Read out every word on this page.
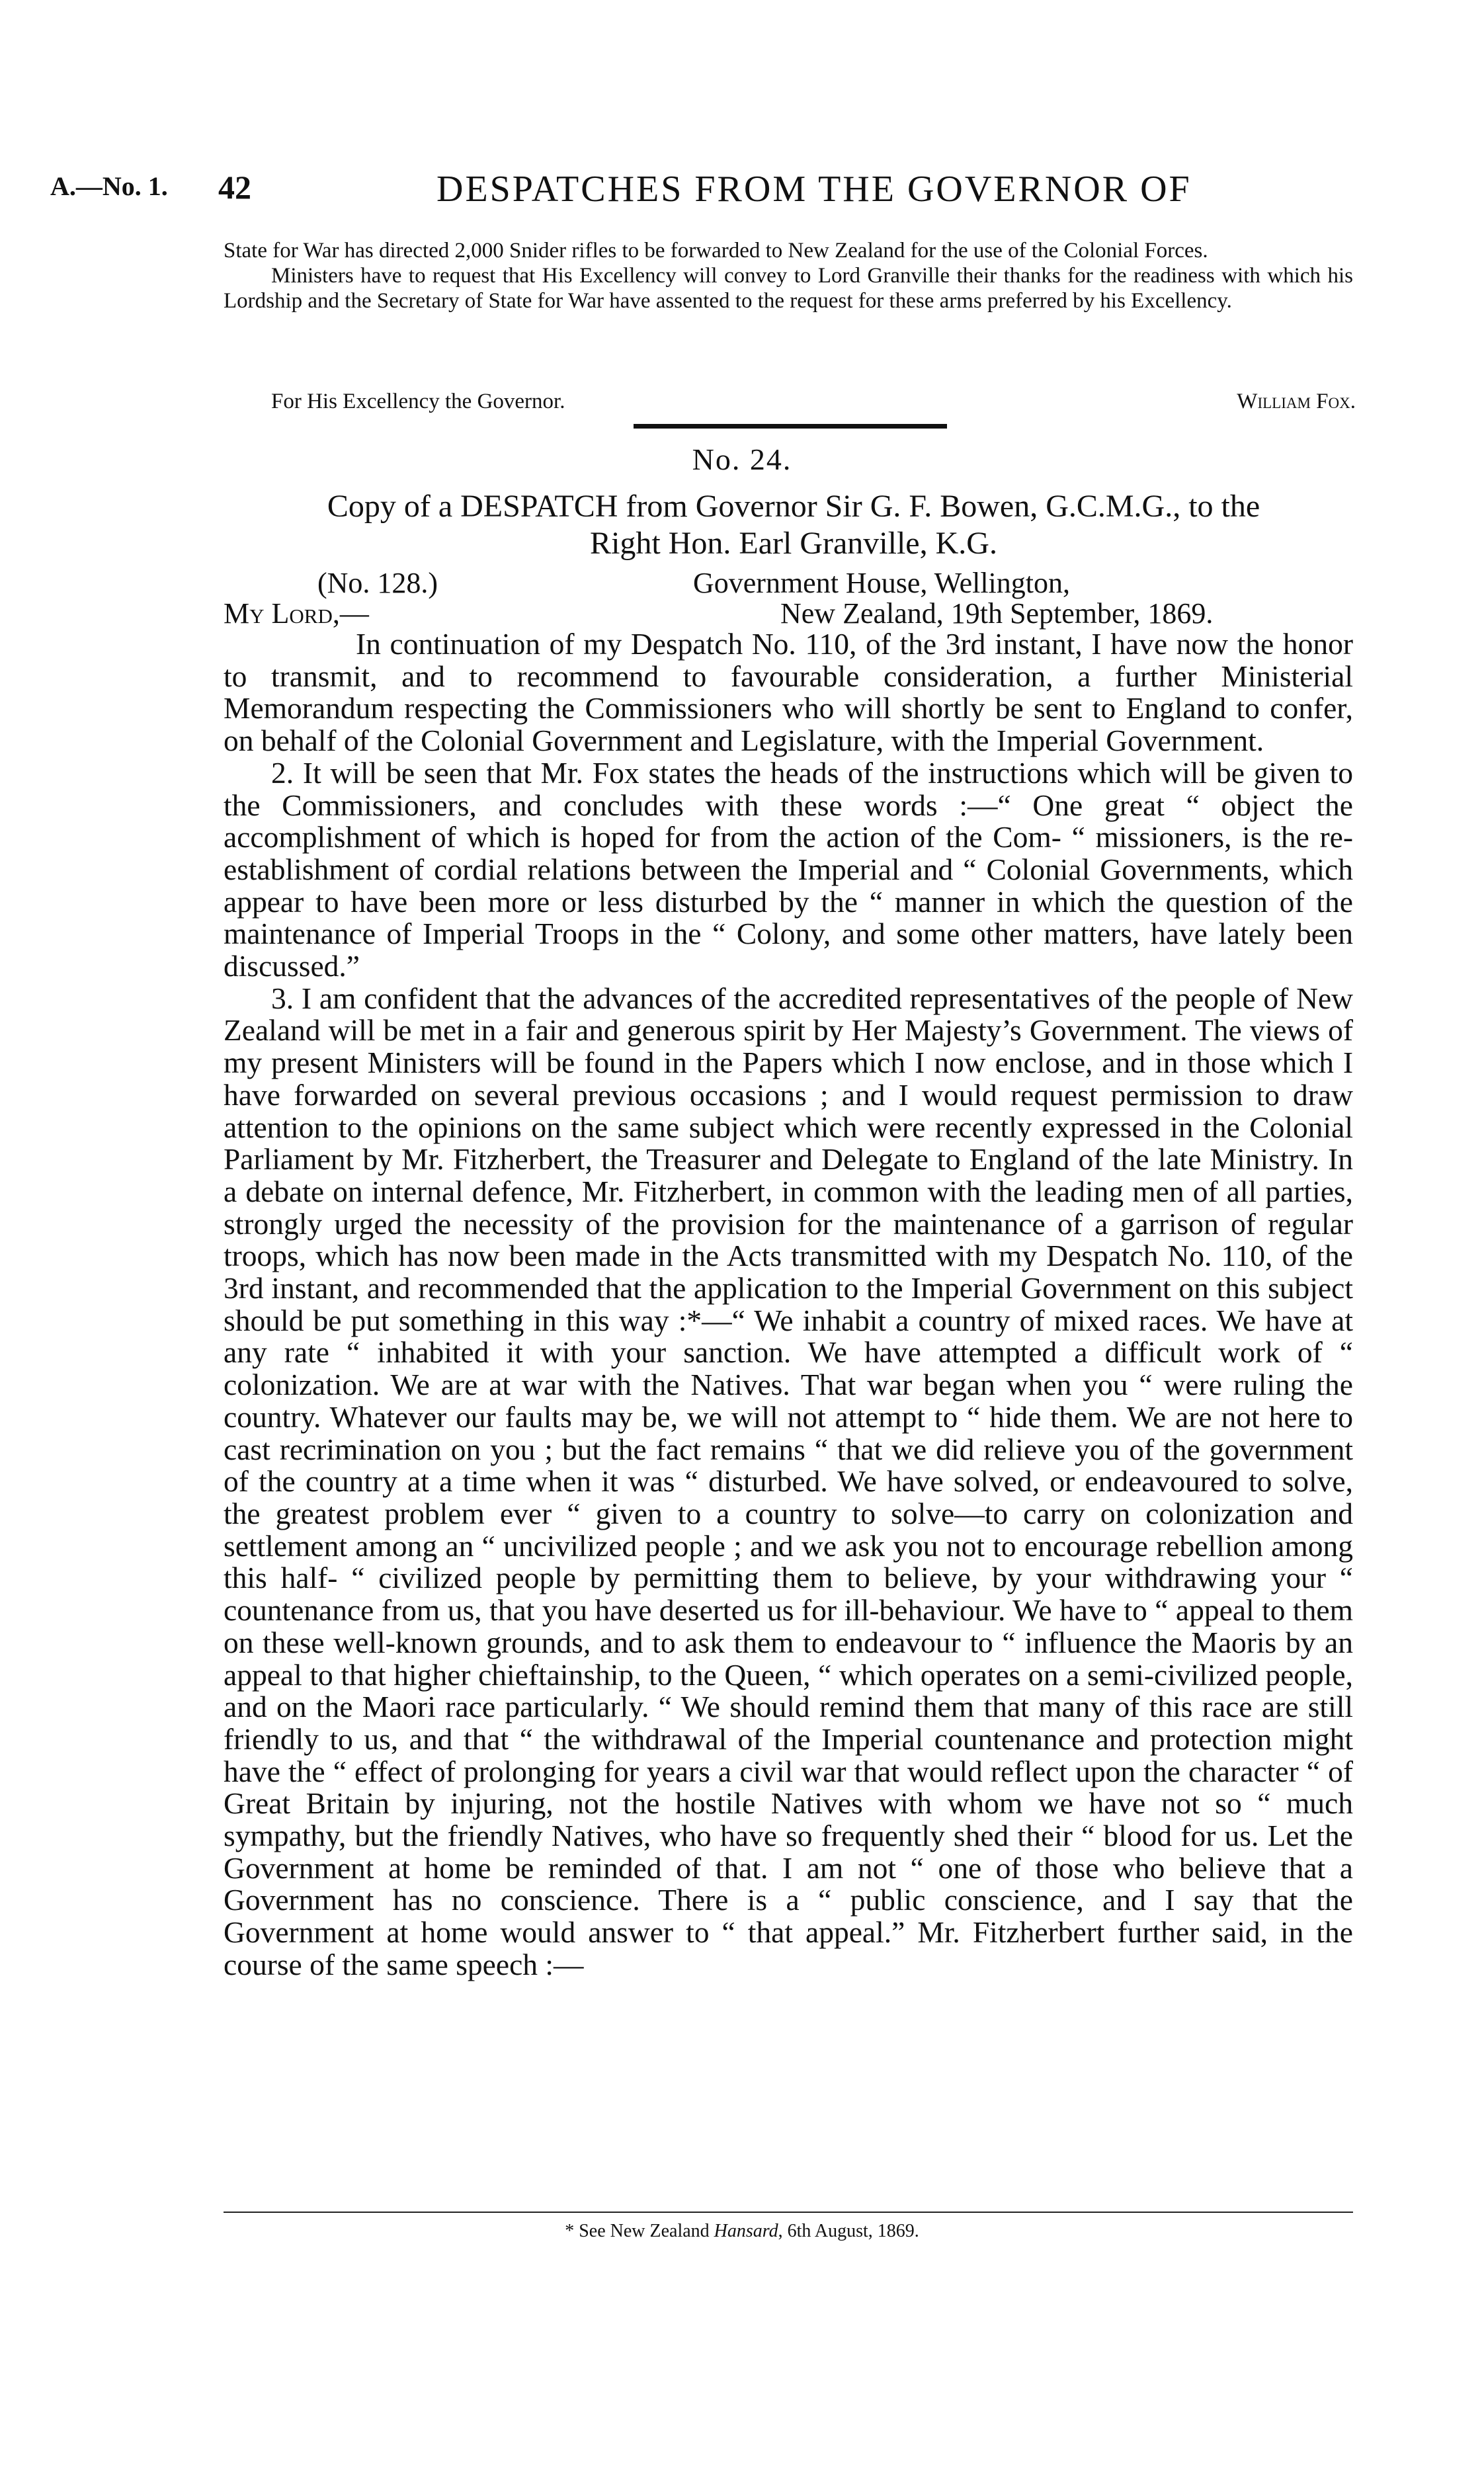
A.—No. 1. 42	DESPATCHES FROM THE GOVERNOR OF

State for War has directed 2,000 Snider rifles to be forwarded to New Zealand for the use of the Colonial Forces.

Ministers have to request that His Excellency will convey to Lord Granville their thanks for the readiness with which his Lordship and the Secretary of State for War have assented to the request for these arms preferred by his Excellency.

For His Excellency the Governor.	William Fox.
No. 24.
Copy of a DESPATCH from Governor Sir G. F. Bowen, G.C.M.G., to the
Right Hon. Earl Granville, K.G.
(No. 128.)	Government House, Wellington,
My Lord,—	New Zealand, 19th September, 1869.

In continuation of my Despatch No. 110, of the 3rd instant, I have now the honor to transmit, and to recommend to favourable consideration, a further Ministerial Memorandum respecting the Commissioners who will shortly be sent to England to confer, on behalf of the Colonial Government and Legislature, with the Imperial Government.

2. It will be seen that Mr. Fox states the heads of the instructions which will be given to the Commissioners, and concludes with these words :—“ One great “ object the accomplishment of which is hoped for from the action of the Com- “ missioners, is the re-establishment of cordial relations between the Imperial and “ Colonial Governments, which appear to have been more or less disturbed by the “ manner in which the question of the maintenance of Imperial Troops in the “ Colony, and some other matters, have lately been discussed.”

3. I am confident that the advances of the accredited representatives of the people of New Zealand will be met in a fair and generous spirit by Her Majesty’s Government. The views of my present Ministers will be found in the Papers which I now enclose, and in those which I have forwarded on several previous occasions ; and I would request permission to draw attention to the opinions on the same subject which were recently expressed in the Colonial Parliament by Mr. Fitzherbert, the Treasurer and Delegate to England of the late Ministry. In a debate on internal defence, Mr. Fitzherbert, in common with the leading men of all parties, strongly urged the necessity of the provision for the maintenance of a garrison of regular troops, which has now been made in the Acts transmitted with my Despatch No. 110, of the 3rd instant, and recommended that the application to the Imperial Government on this subject should be put something in this way :*—“ We inhabit a country of mixed races. We have at any rate “ inhabited it with your sanction. We have attempted a difficult work of “ colonization. We are at war with the Natives. That war began when you “ were ruling the country. Whatever our faults may be, we will not attempt to “ hide them. We are not here to cast recrimination on you ; but the fact remains “ that we did relieve you of the government of the country at a time when it was “ disturbed. We have solved, or endeavoured to solve, the greatest problem ever “ given to a country to solve—to carry on colonization and settlement among an “ uncivilized people ; and we ask you not to encourage rebellion among this half- “ civilized people by permitting them to believe, by your withdrawing your “ countenance from us, that you have deserted us for ill-behaviour. We have to “ appeal to them on these well-known grounds, and to ask them to endeavour to “ influence the Maoris by an appeal to that higher chieftainship, to the Queen, “ which operates on a semi-civilized people, and on the Maori race particularly. “ We should remind them that many of this race are still friendly to us, and that “ the withdrawal of the Imperial countenance and protection might have the “ effect of prolonging for years a civil war that would reflect upon the character “ of Great Britain by injuring, not the hostile Natives with whom we have not so “ much sympathy, but the friendly Natives, who have so frequently shed their “ blood for us. Let the Government at home be reminded of that. I am not “ one of those who believe that a Government has no conscience. There is a “ public conscience, and I say that the Government at home would answer to “ that appeal.” Mr. Fitzherbert further said, in the course of the same speech :—

* See New Zealand Hansard, 6th August, 1869.
